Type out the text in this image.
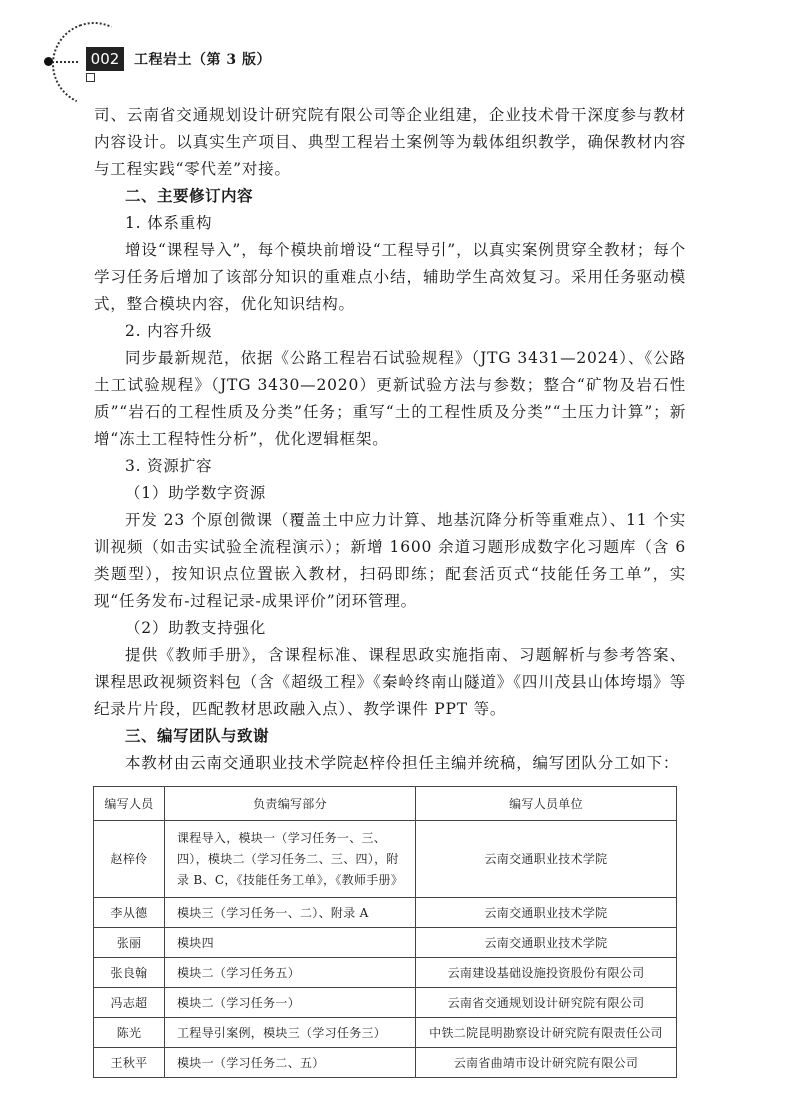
002	工程岩土（第 3 版）

司、云南省交通规划设计研究院有限公司等企业组建，企业技术骨干深度参与教材内容设计。以真实生产项目、典型工程岩土案例等为载体组织教学，确保教材内容与工程实践“零代差”对接。

二、主要修订内容

1. 体系重构

增设“课程导入”，每个模块前增设“工程导引”，以真实案例贯穿全教材；每个学习任务后增加了该部分知识的重难点小结，辅助学生高效复习。采用任务驱动模式，整合模块内容，优化知识结构。

2. 内容升级

同步最新规范，依据《公路工程岩石试验规程》（JTG 3431—2024）、《公路土工试验规程》（JTG 3430—2020）更新试验方法与参数；整合“矿物及岩石性质”“岩石的工程性质及分类”任务；重写“土的工程性质及分类”“土压力计算”；新增“冻土工程特性分析”，优化逻辑框架。

3. 资源扩容

（1）助学数字资源

开发 23 个原创微课（覆盖土中应力计算、地基沉降分析等重难点）、11 个实训视频（如击实试验全流程演示）；新增 1600 余道习题形成数字化习题库（含 6 类题型），按知识点位置嵌入教材，扫码即练；配套活页式“技能任务工单”，实现“任务发布-过程记录-成果评价”闭环管理。

（2）助教支持强化

提供《教师手册》，含课程标准、课程思政实施指南、习题解析与参考答案、课程思政视频资料包（含《超级工程》《秦岭终南山隧道》《四川茂县山体垮塌》等纪录片片段，匹配教材思政融入点）、教学课件 PPT 等。

三、编写团队与致谢

本教材由云南交通职业技术学院赵梓伶担任主编并统稿，编写团队分工如下：

编写人员	负责编写部分	编写人员单位
赵梓伶	课程导入，模块一（学习任务一、三、四），模块二（学习任务二、三、四），附录 B、C，《技能任务工单》，《教师手册》	云南交通职业技术学院
李从德	模块三（学习任务一、二）、附录 A	云南交通职业技术学院
张丽	模块四	云南交通职业技术学院
张良翰	模块二（学习任务五）	云南建设基础设施投资股份有限公司
冯志超	模块二（学习任务一）	云南省交通规划设计研究院有限公司
陈光	工程导引案例，模块三（学习任务三）	中铁二院昆明勘察设计研究院有限责任公司
王秋平	模块一（学习任务二、五）	云南省曲靖市设计研究院有限公司
